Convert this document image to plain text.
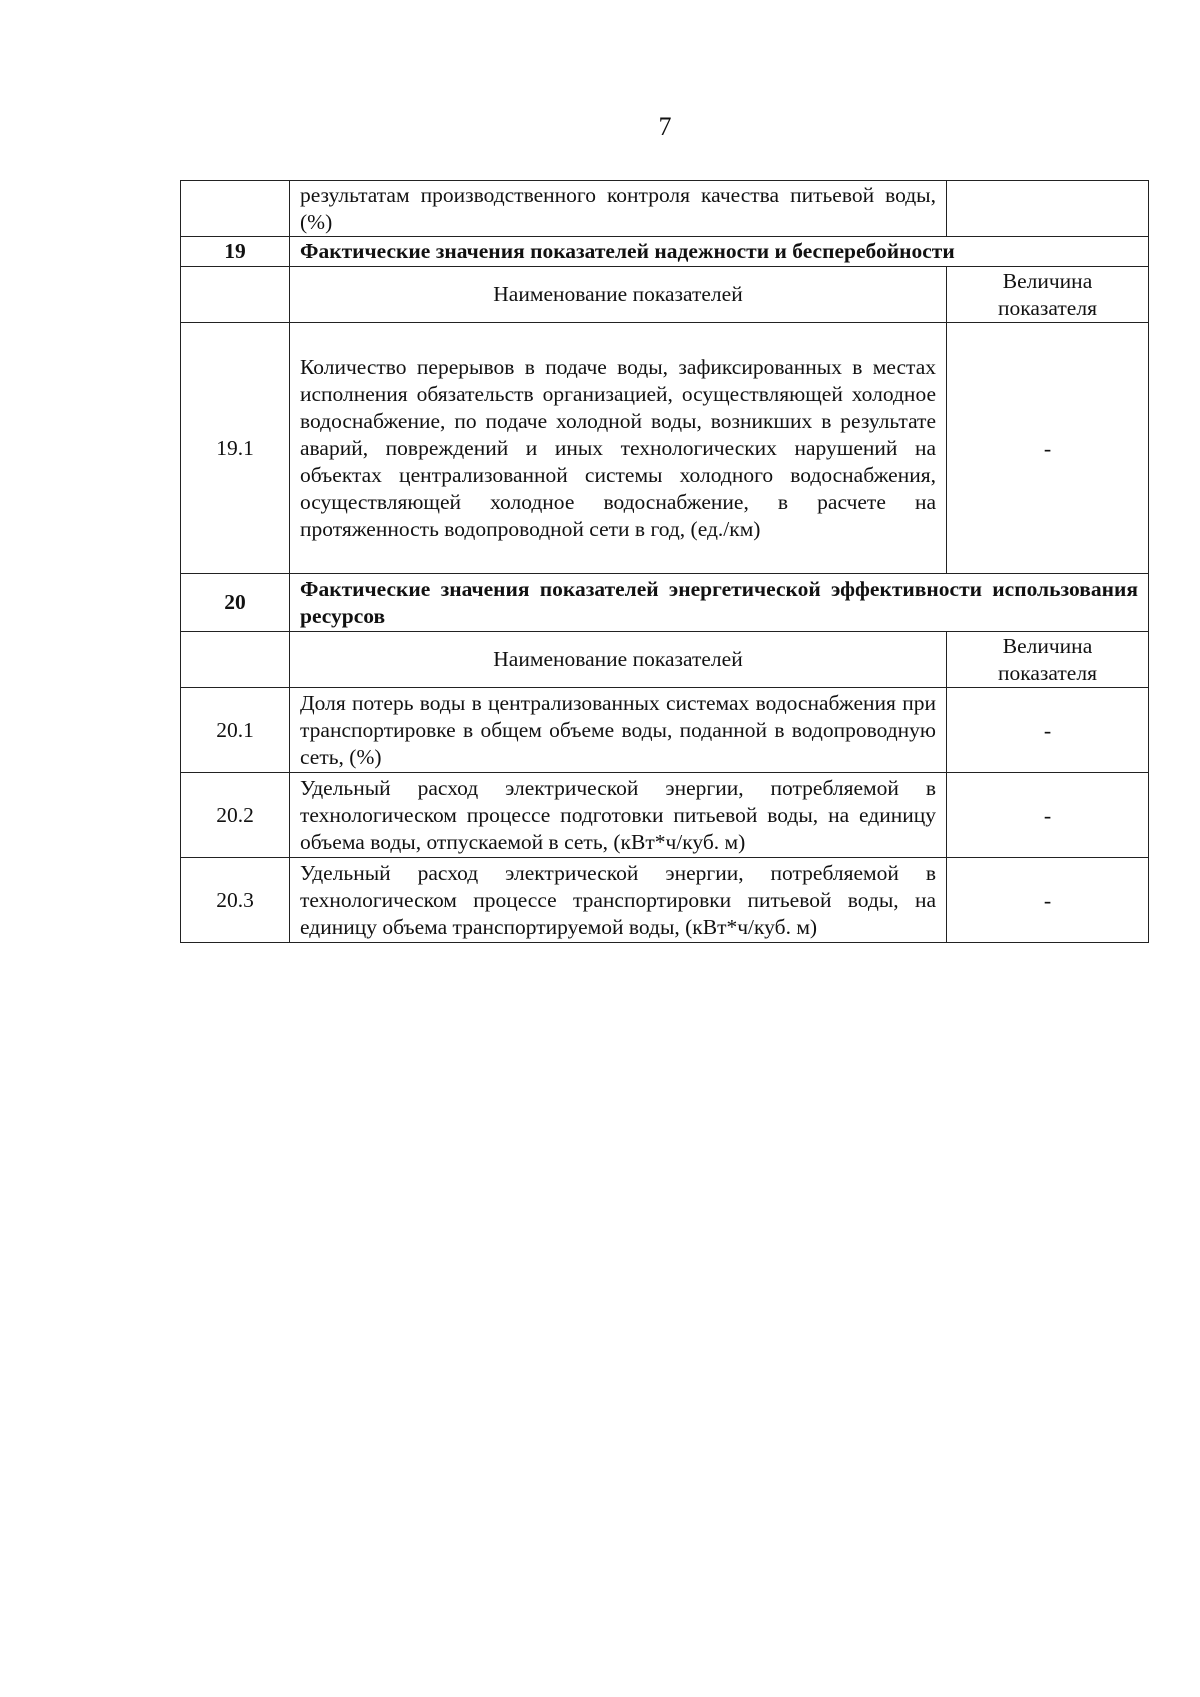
7
	результатам производственного контроля качества питьевой воды, (%)	
19	Фактические значения показателей надежности и бесперебойности	
	Наименование показателей	Величина показателя
19.1	Количество перерывов в подаче воды, зафиксированных в местах исполнения обязательств организацией, осуществляющей холодное водоснабжение, по подаче холодной воды, возникших в результате аварий, повреждений и иных технологических нарушений на объектах централизованной системы холодного водоснабжения, осуществляющей холодное водоснабжение, в расчете на протяженность водопроводной сети в год, (ед./км)	-
20	Фактические значения показателей энергетической эффективности использования ресурсов	
	Наименование показателей	Величина показателя
20.1	Доля потерь воды в централизованных системах водоснабжения при транспортировке в общем объеме воды, поданной в водопроводную сеть, (%)	-
20.2	Удельный расход электрической энергии, потребляемой в технологическом процессе подготовки питьевой воды, на единицу объема воды, отпускаемой в сеть, (кВт*ч/куб. м)	-
20.3	Удельный расход электрической энергии, потребляемой в технологическом процессе транспортировки питьевой воды, на единицу объема транспортируемой воды, (кВт*ч/куб. м)	-
